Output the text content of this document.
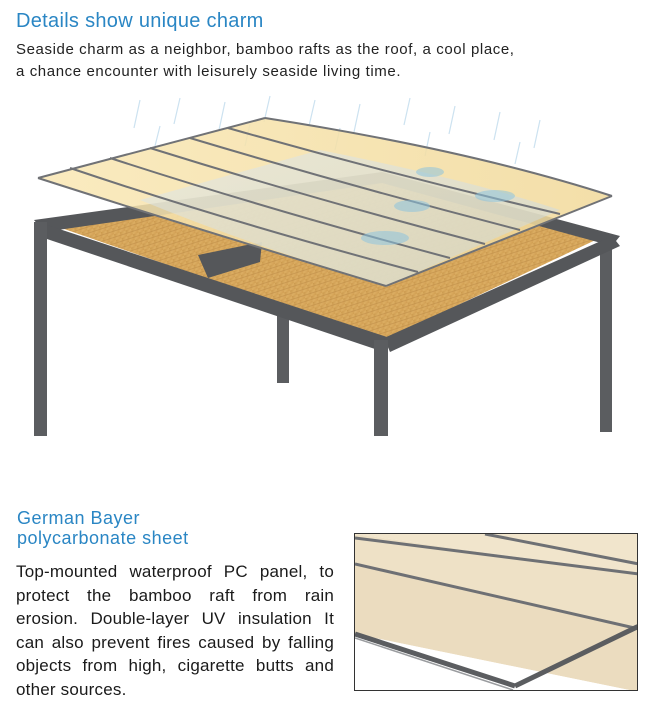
Details show unique charm

Seaside charm as a neighbor, bamboo rafts as the roof, a cool place,
a chance encounter with leisurely seaside living time.

German Bayer
polycarbonate sheet

Top-mounted waterproof PC panel, to protect the bamboo raft from rain erosion. Double-layer UV insulation It can also prevent fires caused by falling objects from high, cigarette butts and other sources.
